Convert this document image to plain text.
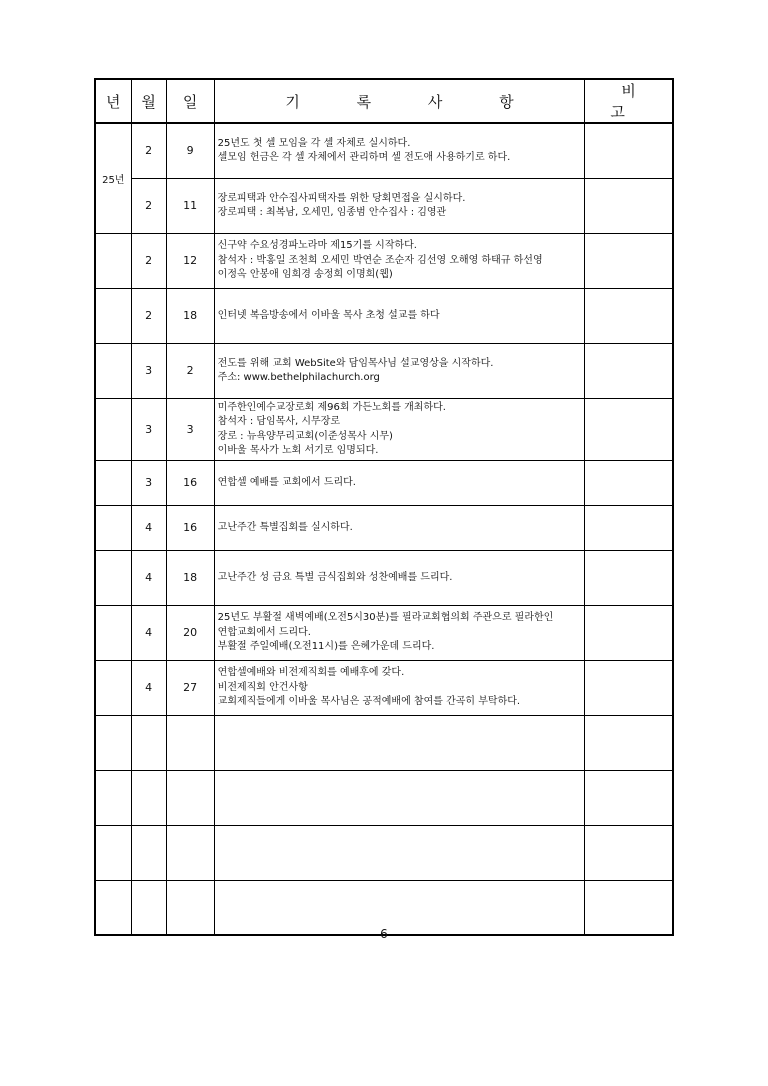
년	월	일	기 록 사 항	비 고
25년	2	9	25년도 첫 셀 모임을 각 셀 자체로 실시하다.
셀모임 헌금은 각 셀 자체에서 관리하며 셀 전도애 사용하기로 하다.	

	2	11	장로피택과 안수집사피택자를 위한 당회면접을 실시하다.
장로피택 : 최복남, 오세민, 임종범 안수집사 : 김영관	

	2	12	신구약 수요성경파노라마 제15기를 시작하다.
참석자 : 박홍일 조천희 오세민 박연순 조순자 김선영 오해영 하태규 하선영
이정옥 안봉애 임희경 송정희 이명희(웹)	

	2	18	인터넷 복음방송에서 이바울 목사 초청 설교를 하다	

	3	2	전도를 위해 교회 WebSite와 담임목사님 설교영상을 시작하다.
주소: www.bethelphilachurch.org	

	3	3	미주한인예수교장로회 제96회 가든노회를 개최하다.
참석자 : 담임목사, 시무장로
장로 : 뉴욕양무리교회(이준성목사 시무)
이바울 목사가 노회 서기로 임명되다.	

	3	16	연합셀 예배를 교회에서 드리다.	

	4	16	고난주간 특별집회를 실시하다.	

	4	18	고난주간 성 금요 특별 금식집회와 성찬예배를 드리다.	

	4	20	25년도 부활절 새벽예배(오전5시30분)를 필라교회협의회 주관으로 필라한인
연합교회에서 드리다.
부활절 주일예배(오전11시)를 은혜가운데 드리다.	

	4	27	연합셀예배와 비전제직회를 예배후에 갖다.
비전제직회 안건사항
교회제직들에게 이바울 목사님은 공적예배에 참여를 간곡히 부탁하다.	

6
